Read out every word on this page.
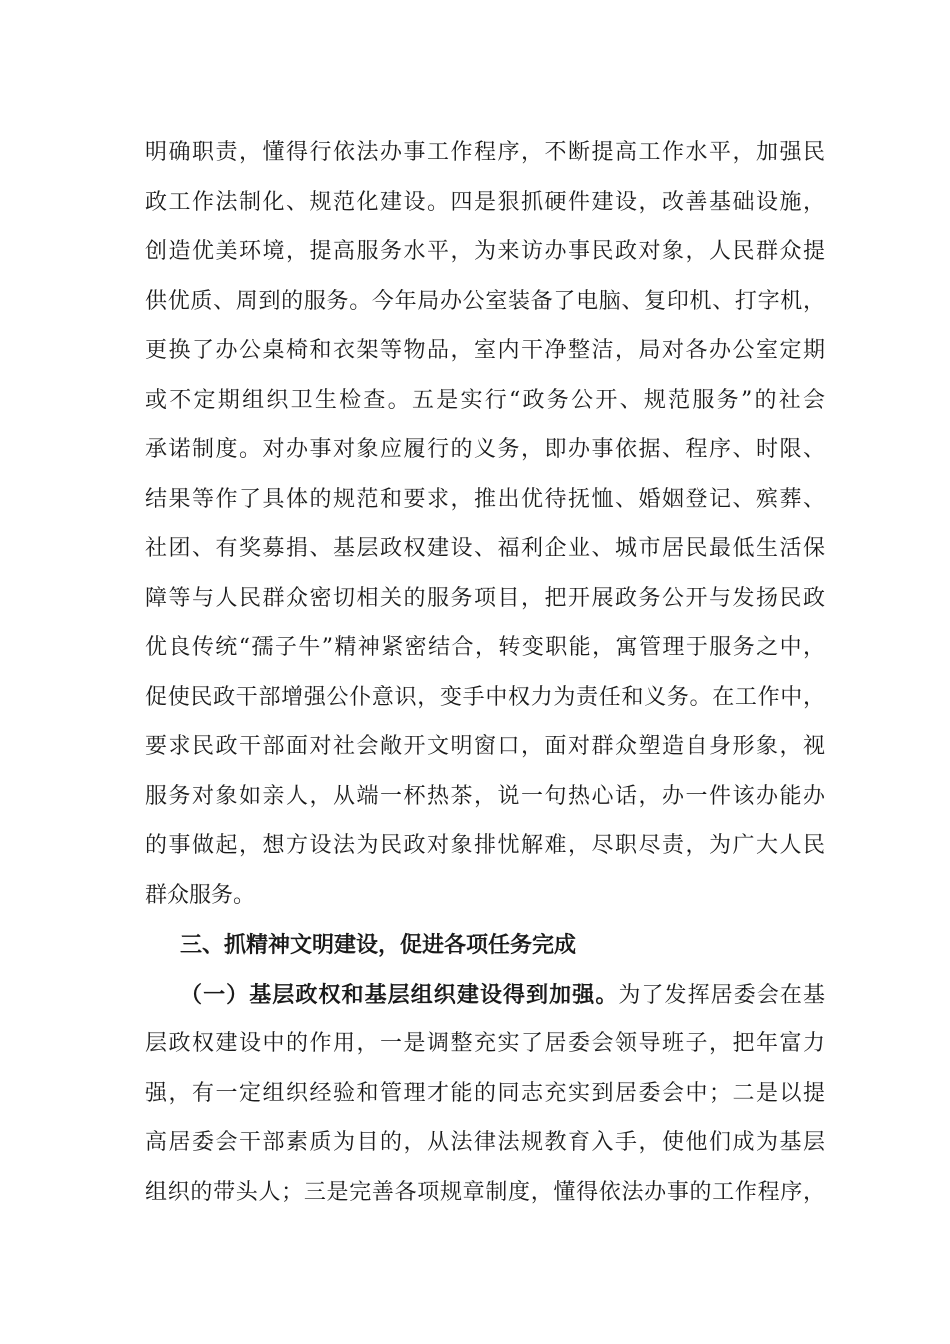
明确职责，懂得行依法办事工作程序，不断提高工作水平，加强民
政工作法制化、规范化建设。四是狠抓硬件建设，改善基础设施，
创造优美环境，提高服务水平，为来访办事民政对象，人民群众提
供优质、周到的服务。今年局办公室装备了电脑、复印机、打字机，
更换了办公桌椅和衣架等物品，室内干净整洁，局对各办公室定期
或不定期组织卫生检查。五是实行“政务公开、规范服务”的社会
承诺制度。对办事对象应履行的义务，即办事依据、程序、时限、
结果等作了具体的规范和要求，推出优待抚恤、婚姻登记、殡葬、
社团、有奖募捐、基层政权建设、福利企业、城市居民最低生活保
障等与人民群众密切相关的服务项目，把开展政务公开与发扬民政
优良传统“孺子牛”精神紧密结合，转变职能，寓管理于服务之中，
促使民政干部增强公仆意识，变手中权力为责任和义务。在工作中，
要求民政干部面对社会敞开文明窗口，面对群众塑造自身形象，视
服务对象如亲人，从端一杯热茶，说一句热心话，办一件该办能办
的事做起，想方设法为民政对象排忧解难，尽职尽责，为广大人民
群众服务。
三、抓精神文明建设，促进各项任务完成
（一）基层政权和基层组织建设得到加强。为了发挥居委会在基
层政权建设中的作用，一是调整充实了居委会领导班子，把年富力
强，有一定组织经验和管理才能的同志充实到居委会中；二是以提
高居委会干部素质为目的，从法律法规教育入手，使他们成为基层
组织的带头人；三是完善各项规章制度，懂得依法办事的工作程序，
